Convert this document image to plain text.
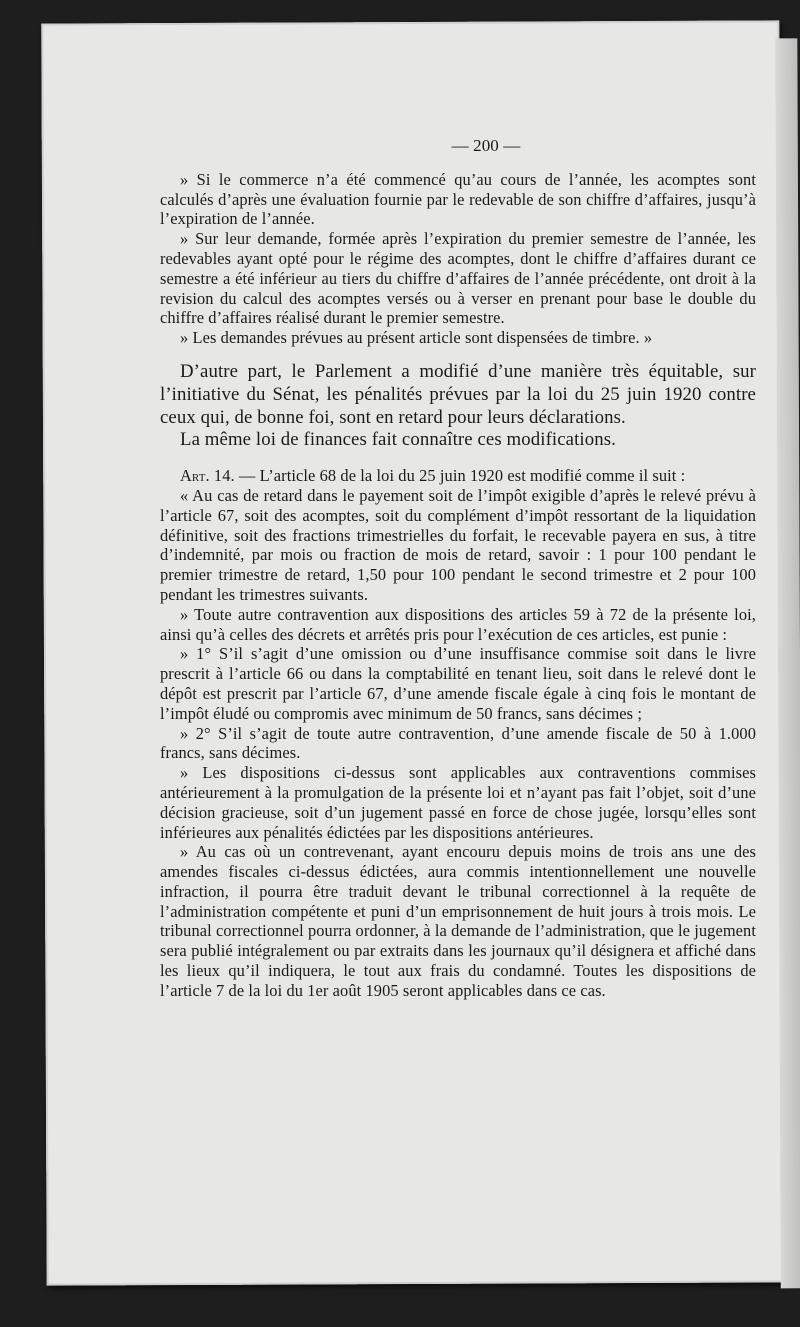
— 200 —

» Si le commerce n’a été commencé qu’au cours de l’année, les acomptes sont calculés d’après une évaluation fournie par le redevable de son chiffre d’affaires, jusqu’à l’expiration de l’année.

» Sur leur demande, formée après l’expiration du premier semestre de l’année, les redevables ayant opté pour le régime des acomptes, dont le chiffre d’affaires durant ce semestre a été inférieur au tiers du chiffre d’affaires de l’année précédente, ont droit à la revision du calcul des acomptes versés ou à verser en prenant pour base le double du chiffre d’affaires réalisé durant le premier semestre.

» Les demandes prévues au présent article sont dispensées de timbre. »

D’autre part, le Parlement a modifié d’une manière très équitable, sur l’initiative du Sénat, les pénalités prévues par la loi du 25 juin 1920 contre ceux qui, de bonne foi, sont en retard pour leurs déclarations.

La même loi de finances fait connaître ces modifications.

Art. 14. — L’article 68 de la loi du 25 juin 1920 est modifié comme il suit :

« Au cas de retard dans le payement soit de l’impôt exigible d’après le relevé prévu à l’article 67, soit des acomptes, soit du complément d’impôt ressortant de la liquidation définitive, soit des fractions trimestrielles du forfait, le recevable payera en sus, à titre d’indemnité, par mois ou fraction de mois de retard, savoir : 1 pour 100 pendant le premier trimestre de retard, 1,50 pour 100 pendant le second trimestre et 2 pour 100 pendant les trimestres suivants.

» Toute autre contravention aux dispositions des articles 59 à 72 de la présente loi, ainsi qu’à celles des décrets et arrêtés pris pour l’exécution de ces articles, est punie :

» 1° S’il s’agit d’une omission ou d’une insuffisance commise soit dans le livre prescrit à l’article 66 ou dans la comptabilité en tenant lieu, soit dans le relevé dont le dépôt est prescrit par l’article 67, d’une amende fiscale égale à cinq fois le montant de l’impôt éludé ou compromis avec minimum de 50 francs, sans décimes ;

» 2° S’il s’agit de toute autre contravention, d’une amende fiscale de 50 à 1.000 francs, sans décimes.

» Les dispositions ci-dessus sont applicables aux contraventions commises antérieurement à la promulgation de la présente loi et n’ayant pas fait l’objet, soit d’une décision gracieuse, soit d’un jugement passé en force de chose jugée, lorsqu’elles sont inférieures aux pénalités édictées par les dispositions antérieures.

» Au cas où un contrevenant, ayant encouru depuis moins de trois ans une des amendes fiscales ci-dessus édictées, aura commis intentionnellement une nouvelle infraction, il pourra être traduit devant le tribunal correctionnel à la requête de l’administration compétente et puni d’un emprisonnement de huit jours à trois mois. Le tribunal correctionnel pourra ordonner, à la demande de l’administration, que le jugement sera publié intégralement ou par extraits dans les journaux qu’il désignera et affiché dans les lieux qu’il indiquera, le tout aux frais du condamné. Toutes les dispositions de l’article 7 de la loi du 1er août 1905 seront applicables dans ce cas.
